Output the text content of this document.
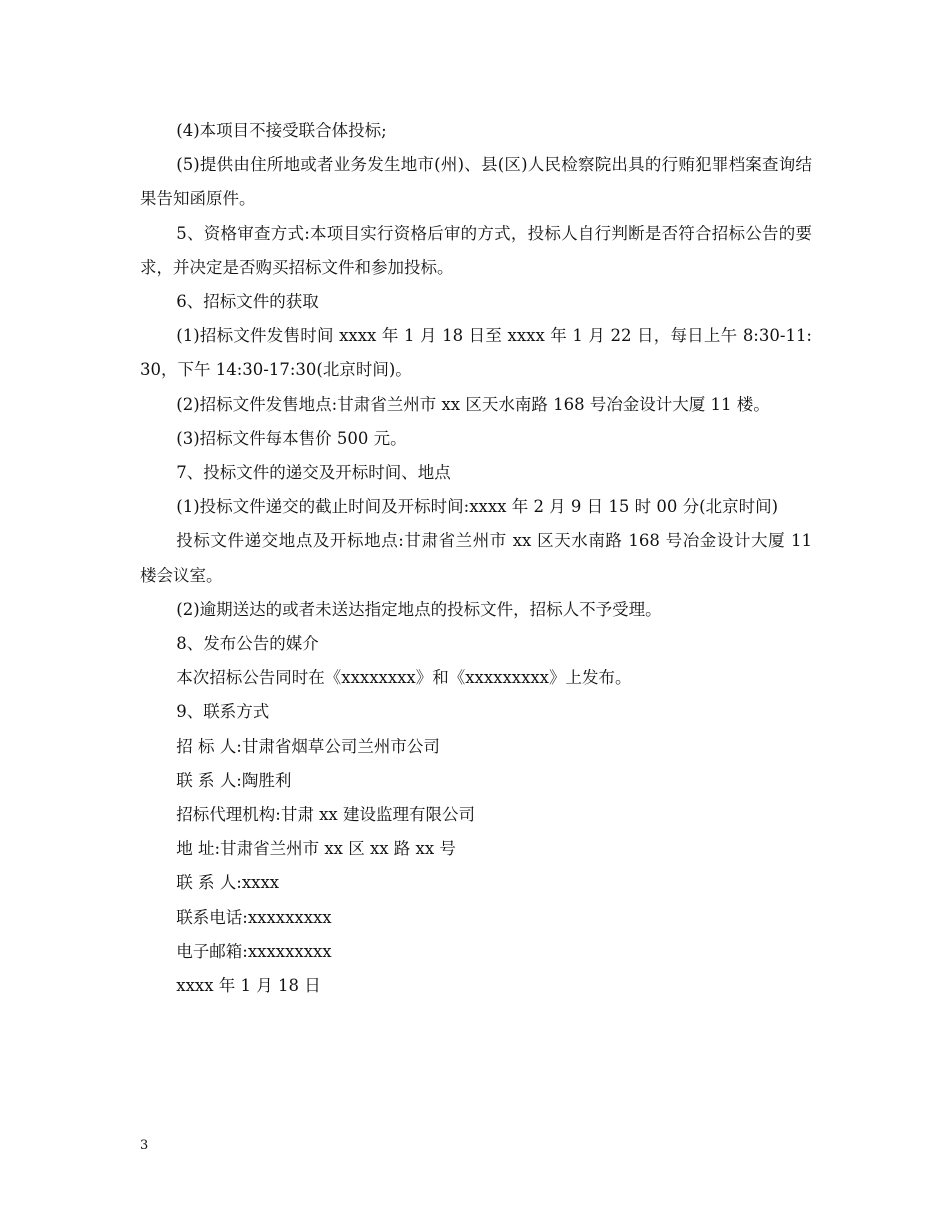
(4)本项目不接受联合体投标;

(5)提供由住所地或者业务发生地市(州)、县(区)人民检察院出具的行贿犯罪档案查询结果告知函原件。

5、资格审查方式:本项目实行资格后审的方式，投标人自行判断是否符合招标公告的要求，并决定是否购买招标文件和参加投标。

6、招标文件的获取

(1)招标文件发售时间 xxxx 年 1 月 18 日至 xxxx 年 1 月 22 日，每日上午 8:30-11:30，下午 14:30-17:30(北京时间)。

(2)招标文件发售地点:甘肃省兰州市 xx 区天水南路 168 号冶金设计大厦 11 楼。

(3)招标文件每本售价 500 元。

7、投标文件的递交及开标时间、地点

(1)投标文件递交的截止时间及开标时间:xxxx 年 2 月 9 日 15 时 00 分(北京时间)

投标文件递交地点及开标地点:甘肃省兰州市 xx 区天水南路 168 号冶金设计大厦 11 楼会议室。

(2)逾期送达的或者未送达指定地点的投标文件，招标人不予受理。

8、发布公告的媒介

本次招标公告同时在《xxxxxxxx》和《xxxxxxxxx》上发布。

9、联系方式

招 标 人:甘肃省烟草公司兰州市公司

联 系 人:陶胜利

招标代理机构:甘肃 xx 建设监理有限公司

地 址:甘肃省兰州市 xx 区 xx 路 xx 号

联 系 人:xxxx

联系电话:xxxxxxxxx

电子邮箱:xxxxxxxxx

xxxx 年 1 月 18 日

3
